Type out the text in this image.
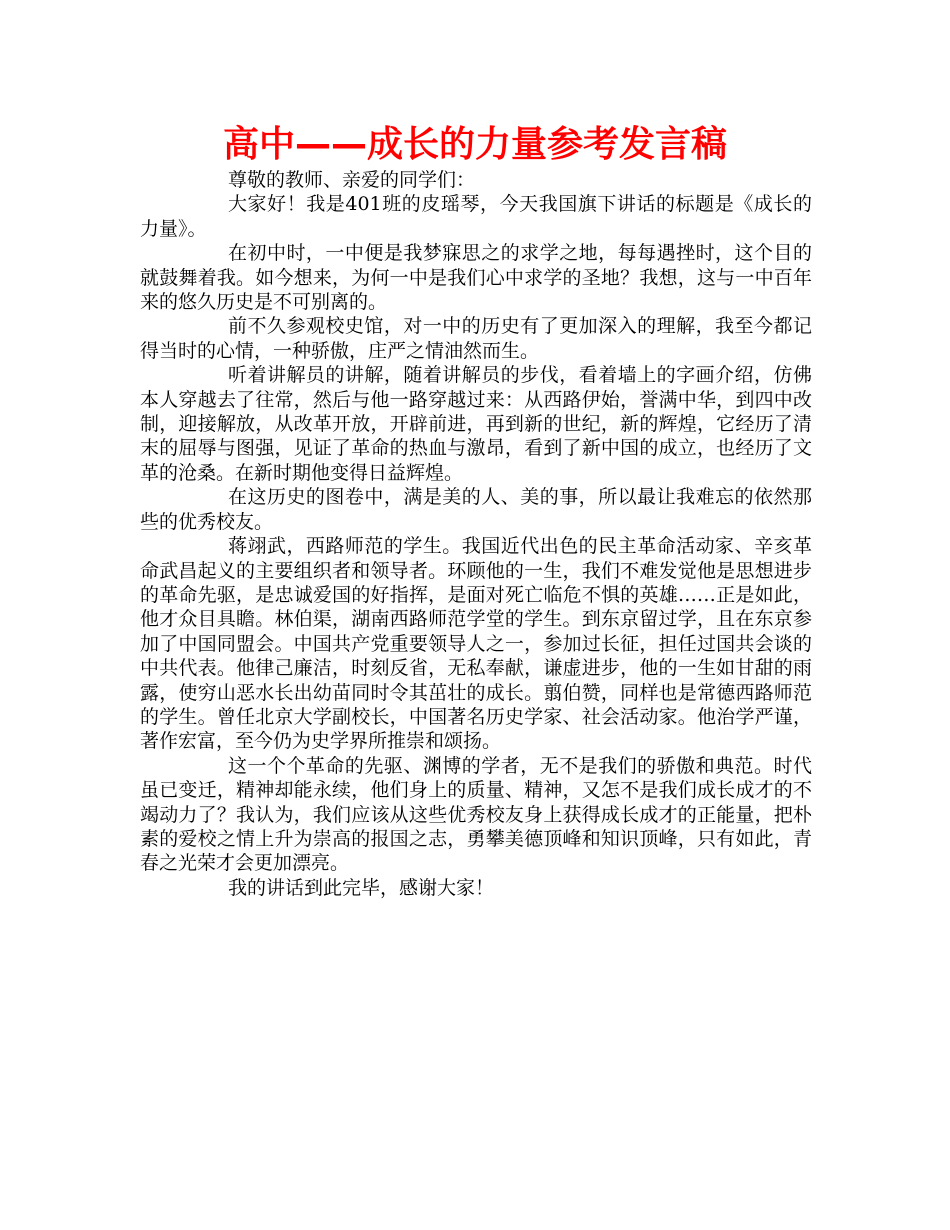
高中——成长的力量参考发言稿

尊敬的教师、亲爱的同学们：

大家好！我是401班的皮瑶琴，今天我国旗下讲话的标题是《成长的力量》。

在初中时，一中便是我梦寐思之的求学之地，每每遇挫时，这个目的就鼓舞着我。如今想来，为何一中是我们心中求学的圣地？我想，这与一中百年来的悠久历史是不可别离的。

前不久参观校史馆，对一中的历史有了更加深入的理解，我至今都记得当时的心情，一种骄傲，庄严之情油然而生。

听着讲解员的讲解，随着讲解员的步伐，看着墙上的字画介绍，仿佛本人穿越去了往常，然后与他一路穿越过来：从西路伊始，誉满中华，到四中改制，迎接解放，从改革开放，开辟前进，再到新的世纪，新的辉煌，它经历了清末的屈辱与图强，见证了革命的热血与激昂，看到了新中国的成立，也经历了文革的沧桑。在新时期他变得日益辉煌。

在这历史的图卷中，满是美的人、美的事，所以最让我难忘的依然那些的优秀校友。

蒋翊武，西路师范的学生。我国近代出色的民主革命活动家、辛亥革命武昌起义的主要组织者和领导者。环顾他的一生，我们不难发觉他是思想进步的革命先驱，是忠诚爱国的好指挥，是面对死亡临危不惧的英雄……正是如此，他才众目具瞻。林伯渠，湖南西路师范学堂的学生。到东京留过学，且在东京参加了中国同盟会。中国共产党重要领导人之一，参加过长征，担任过国共会谈的中共代表。他律己廉洁，时刻反省，无私奉献，谦虚进步，他的一生如甘甜的雨露，使穷山恶水长出幼苗同时令其茁壮的成长。翦伯赞，同样也是常德西路师范的学生。曾任北京大学副校长，中国著名历史学家、社会活动家。他治学严谨，著作宏富，至今仍为史学界所推崇和颂扬。

这一个个革命的先驱、渊博的学者，无不是我们的骄傲和典范。时代虽已变迁，精神却能永续，他们身上的质量、精神，又怎不是我们成长成才的不竭动力了？我认为，我们应该从这些优秀校友身上获得成长成才的正能量，把朴素的爱校之情上升为崇高的报国之志，勇攀美德顶峰和知识顶峰，只有如此，青春之光荣才会更加漂亮。

我的讲话到此完毕，感谢大家！
